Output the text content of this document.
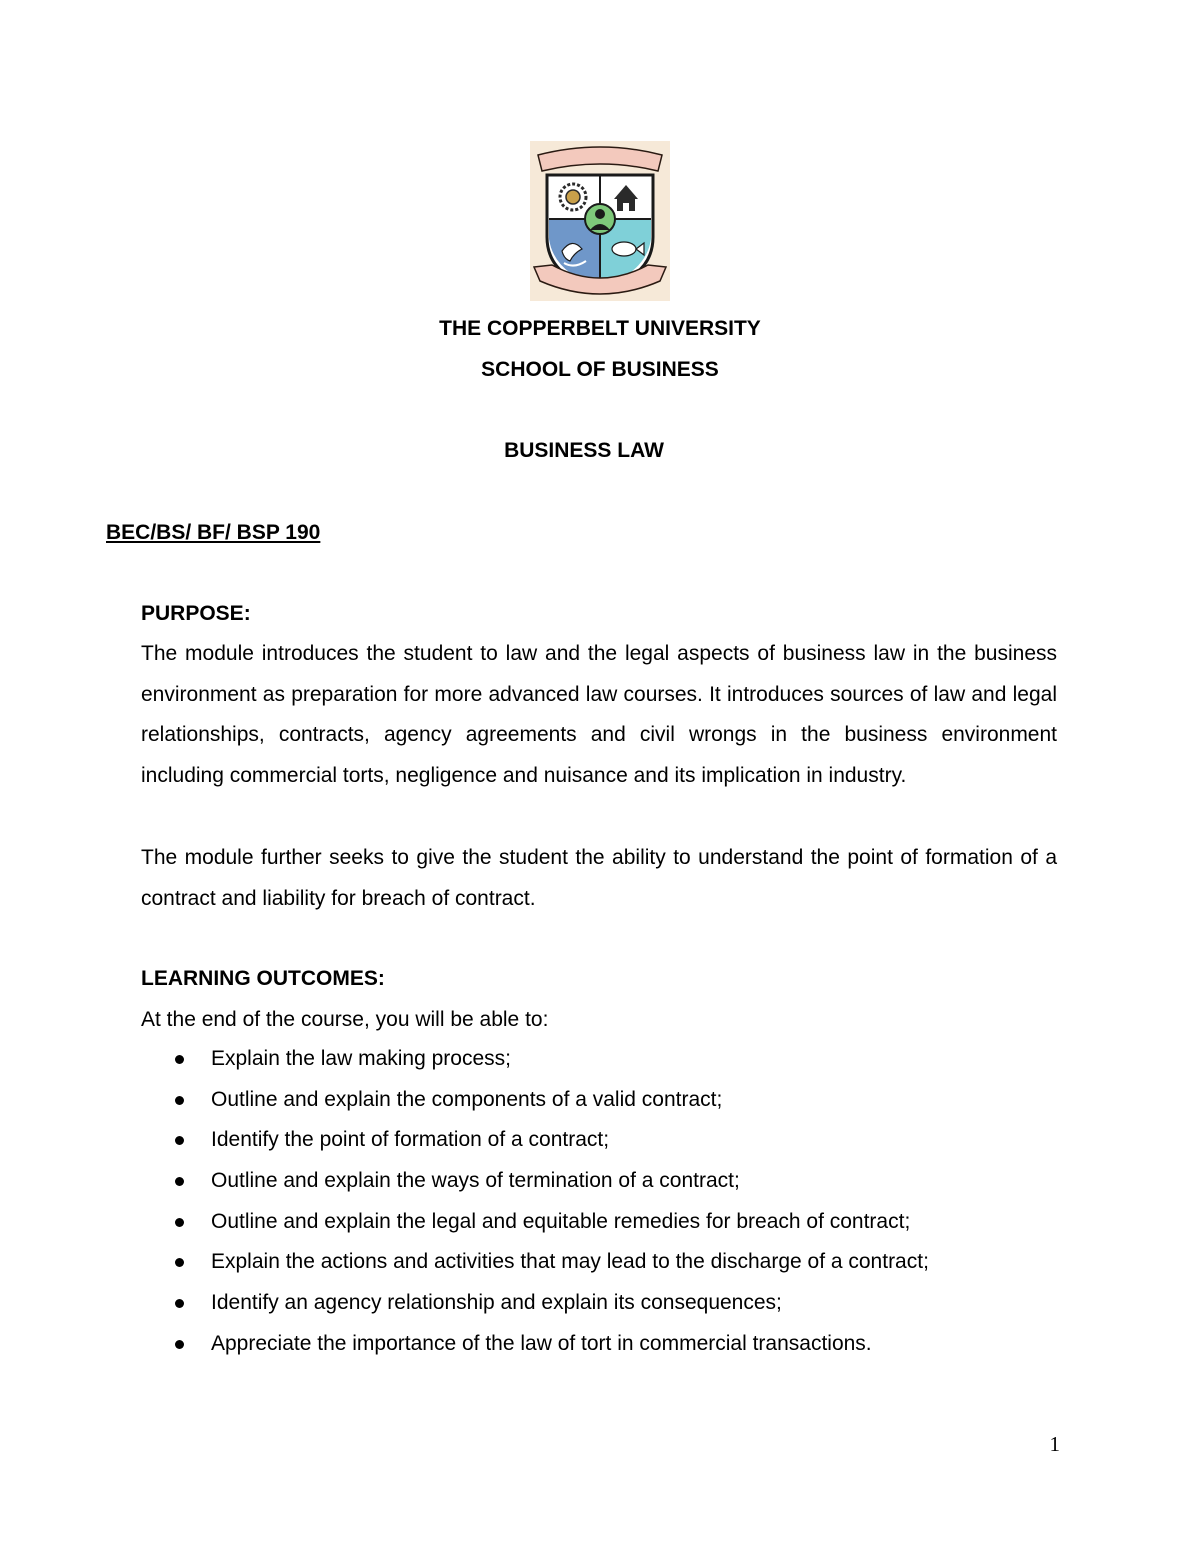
THE COPPERBELT UNIVERSITY
SCHOOL OF BUSINESS
BUSINESS LAW
BEC/BS/ BF/ BSP 190
PURPOSE:

The module introduces the student to law and the legal aspects of business law in the business environment as preparation for more advanced law courses. It introduces sources of law and legal relationships, contracts, agency agreements and civil wrongs in the business environment including commercial torts, negligence and nuisance and its implication in industry.

The module further seeks to give the student the ability to understand the point of formation of a contract and liability for breach of contract.

LEARNING OUTCOMES:
At the end of the course, you will be able to:
Explain the law making process;
Outline and explain the components of a valid contract;
Identify the point of formation of a contract;
Outline and explain the ways of termination of a contract;
Outline and explain the legal and equitable remedies for breach of contract;
Explain the actions and activities that may lead to the discharge of a contract;
Identify an agency relationship and explain its consequences;
Appreciate the importance of the law of tort in commercial transactions.
1
